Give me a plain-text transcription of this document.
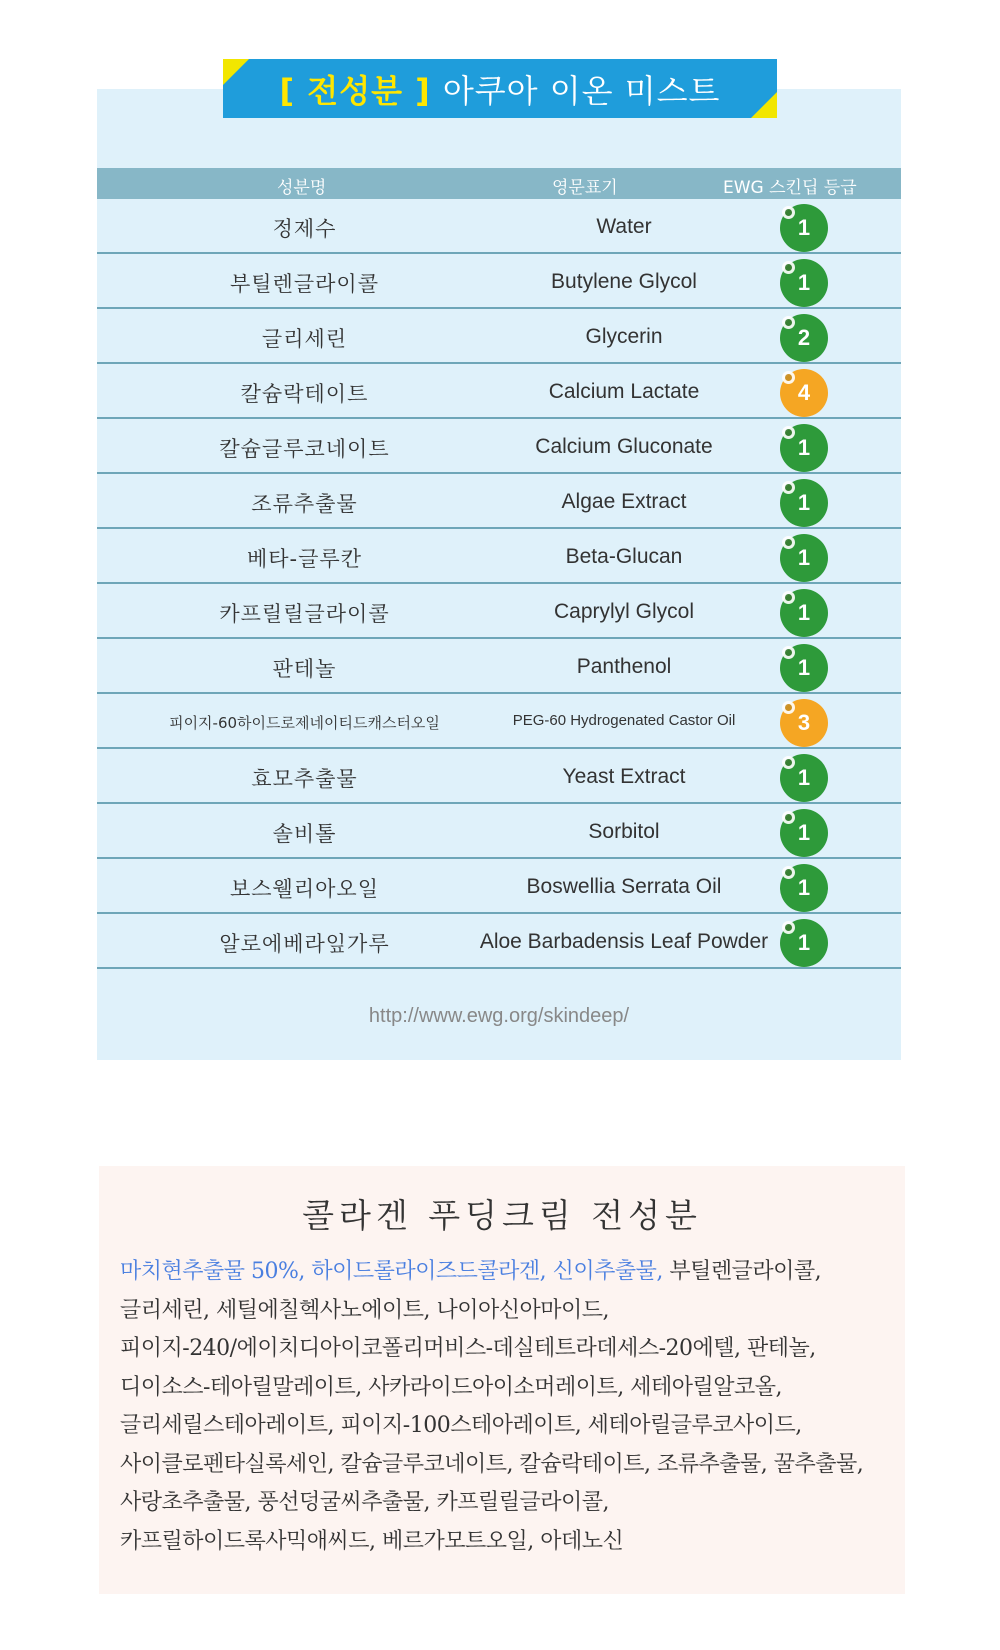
[ 전성분 ] 아쿠아 이온 미스트
성분명	영문표기	EWG 스킨딥 등급
정제수	Water	1
부틸렌글라이콜	Butylene Glycol	1
글리세린	Glycerin	2
칼슘락테이트	Calcium Lactate	4
칼슘글루코네이트	Calcium Gluconate	1
조류추출물	Algae Extract	1
베타-글루칸	Beta-Glucan	1
카프릴릴글라이콜	Caprylyl Glycol	1
판테놀	Panthenol	1
피이지-60하이드로제네이티드캐스터오일	PEG-60 Hydrogenated Castor Oil	3
효모추출물	Yeast Extract	1
솔비톨	Sorbitol	1
보스웰리아오일	Boswellia Serrata Oil	1
알로에베라잎가루	Aloe Barbadensis Leaf Powder	1
http://www.ewg.org/skindeep/
콜라겐 푸딩크림 전성분
마치현추출물 50%, 하이드롤라이즈드콜라겐, 신이추출물, 부틸렌글라이콜,
글리세린, 세틸에칠헥사노에이트, 나이아신아마이드,
피이지-240/에이치디아이코폴리머비스-데실테트라데세스-20에텔, 판테놀,
디이소스-테아릴말레이트, 사카라이드아이소머레이트, 세테아릴알코올,
글리세릴스테아레이트, 피이지-100스테아레이트, 세테아릴글루코사이드,
사이클로펜타실록세인, 칼슘글루코네이트, 칼슘락테이트, 조류추출물, 꿀추출물,
사랑초추출물, 풍선덩굴씨추출물, 카프릴릴글라이콜,
카프릴하이드록사믹애씨드, 베르가모트오일, 아데노신
